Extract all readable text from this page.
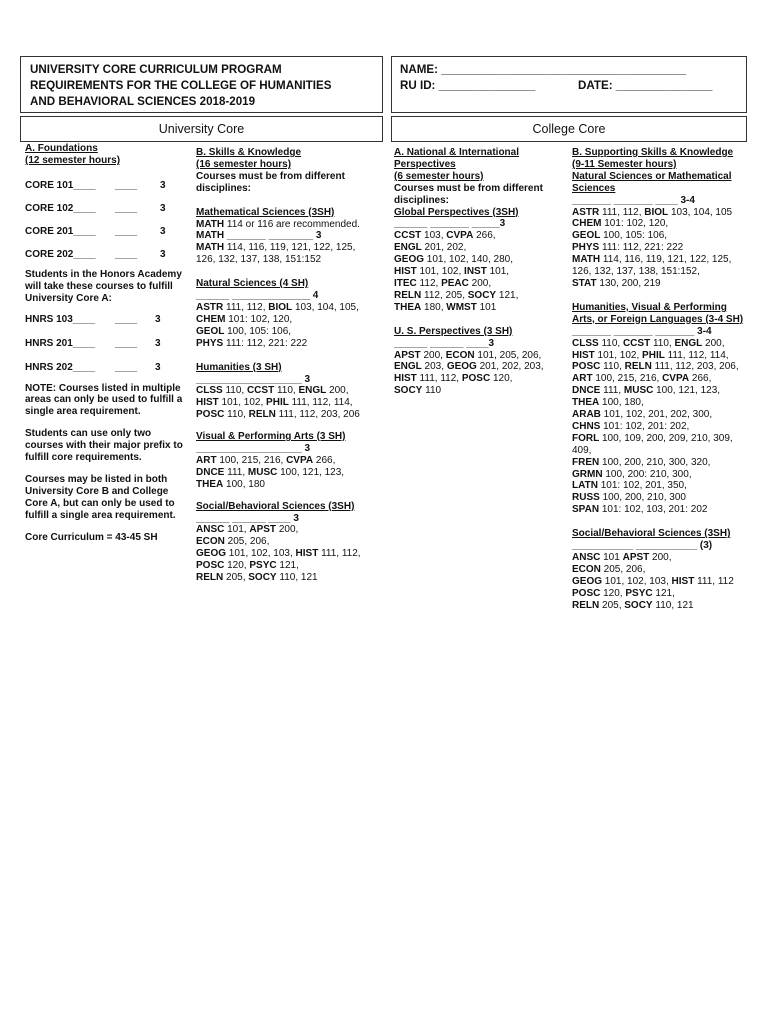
UNIVERSITY CORE CURRICULUM PROGRAM

REQUIREMENTS FOR THE COLLEGE OF HUMANITIES

AND BEHAVIORAL SCIENCES 2018-2019

NAME: ______________________________________

RU ID: _______________	DATE: _______________

University Core	College Core

A. Foundations

(12 semester hours)

CORE 101____ ____ 3
CORE 102____ ____ 3
CORE 201____ ____ 3
CORE 202____ ____ 3

Students in the Honors Academy

will take these courses to fulfill

University Core A:

HNRS 103____ ____ 3
HNRS 201____ ____ 3
HNRS 202____ ____ 3

NOTE: Courses listed in multiple

areas can only be used to fulfill a

single area requirement.

Students can use only two

courses with their major prefix to

fulfill core requirements.

Courses may be listed in both

University Core B and College

Core A, but can only be used to

fulfill a single area requirement.

Core Curriculum = 43-45 SH

B. Skills & Knowledge

(16 semester hours)

Courses must be from different

disciplines:

Mathematical Sciences (3SH)

MATH 114 or 116 are recommended.

MATH _______ ________ 3

MATH 114, 116, 119, 121, 122, 125,

126, 132, 137, 138, 151:152

Natural Sciences (4 SH)

______ ______________ 4

ASTR 111, 112, BIOL 103, 104, 105,

CHEM 101: 102, 120,

GEOL 100, 105: 106,

PHYS 111: 112, 221: 222

Humanities (3 SH)

___________________ 3

CLSS 110, CCST 110, ENGL 200,

HIST 101, 102, PHIL 111, 112, 114,

POSC 110, RELN 111, 112, 203, 206

Visual & Performing Arts (3 SH)

___________________ 3

ART 100, 215, 216, CVPA 266,

DNCE 111, MUSC 100, 121, 123,

THEA 100, 180

Social/Behavioral Sciences (3SH)

______ ______ ____ 3

ANSC 101, APST 200,

ECON 205, 206,

GEOG 101, 102, 103, HIST 111, 112,

POSC 120, PSYC 121,

RELN 205, SOCY 110, 121

A. National & International

Perspectives

(6 semester hours)

Courses must be from different

disciplines:

Global Perspectives (3SH)

______ _______ _____3

CCST 103, CVPA 266,

ENGL 201, 202,

GEOG 101, 102, 140, 280,

HIST 101, 102, INST 101,

ITEC 112, PEAC 200,

RELN 112, 205, SOCY 121,

THEA 180, WMST 101

U. S. Perspectives (3 SH)

______ ______ ____3

APST 200, ECON 101, 205, 206,

ENGL 203, GEOG 201, 202, 203,

HIST 111, 112, POSC 120,

SOCY 110

B. Supporting Skills & Knowledge

(9-11 Semester hours)

Natural Sciences or Mathematical

Sciences

_______ _______ ____ 3-4

ASTR 111, 112, BIOL 103, 104, 105

CHEM 101: 102, 120,

GEOL 100, 105: 106,

PHYS 111: 112, 221: 222

MATH 114, 116, 119, 121, 122, 125,

126, 132, 137, 138, 151:152,

STAT 130, 200, 219

Humanities, Visual & Performing

Arts, or Foreign Languages (3-4 SH)

_______ _______ _______ 3-4

CLSS 110, CCST 110, ENGL 200,

HIST 101, 102, PHIL 111, 112, 114,

POSC 110, RELN 111, 112, 203, 206,

ART 100, 215, 216, CVPA 266,

DNCE 111, MUSC 100, 121, 123,

THEA 100, 180,

ARAB 101, 102, 201, 202, 300,

CHNS 101: 102, 201: 202,

FORL 100, 109, 200, 209, 210, 309,

409,

FREN 100, 200, 210, 300, 320,

GRMN 100, 200: 210, 300,

LATN 101: 102, 201, 350,

RUSS 100, 200, 210, 300

SPAN 101: 102, 103, 201: 202

Social/Behavioral Sciences (3SH)

___________ ___________ (3)

ANSC 101 APST 200,

ECON 205, 206,

GEOG 101, 102, 103, HIST 111, 112

POSC 120, PSYC 121,

RELN 205, SOCY 110, 121
